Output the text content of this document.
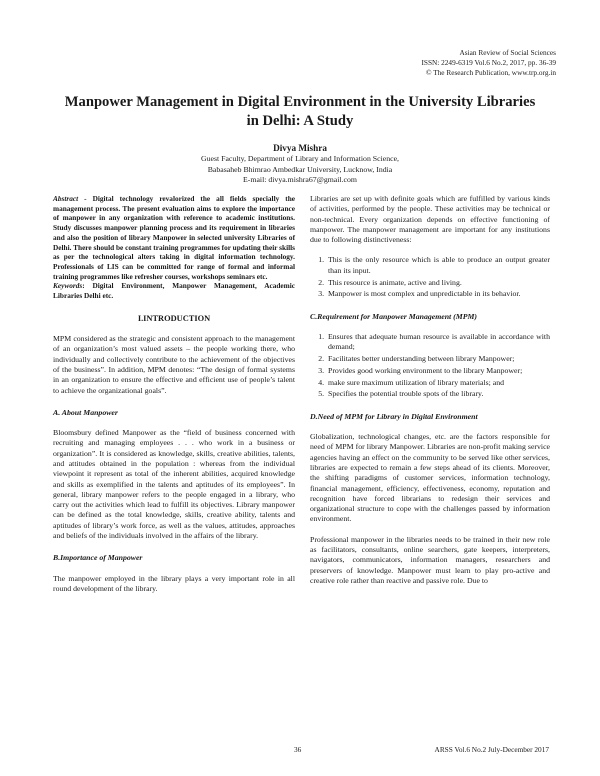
Asian Review of Social Sciences
ISSN: 2249-6319 Vol.6 No.2, 2017, pp. 36-39
© The Research Publication, www.trp.org.in
Manpower Management in Digital Environment in the University Libraries in Delhi: A Study
Divya Mishra
Guest Faculty, Department of Library and Information Science,
Babasaheb Bhimrao Ambedkar University, Lucknow, India
E-mail: divya.mishra67@gmail.com

Abstract - Digital technology revalorized the all fields specially the management process. The present evaluation aims to explore the importance of manpower in any organization with reference to academic institutions. Study discusses manpower planning process and its requirement in libraries and also the position of library Manpower in selected university Libraries of Delhi. There should be constant training programmes for updating their skills as per the technological alters taking in digital information technology. Professionals of LIS can be committed for range of formal and informal training programmes like refresher courses, workshops seminars etc.
Keywords: Digital Environment, Manpower Management, Academic Libraries Delhi etc.

I.INTRODUCTION

MPM considered as the strategic and consistent approach to the management of an organization’s most valued assets – the people working there, who individually and collectively contribute to the achievement of the objectives of the business”. In addition, MPM denotes: “The design of formal systems in an organization to ensure the effective and efficient use of people’s talent to achieve the organizational goals”.

A. About Manpower

Bloomsbury defined Manpower as the “field of business concerned with recruiting and managing employees . . . who work in a business or organization”. It is considered as knowledge, skills, creative abilities, talents, and attitudes obtained in the population : whereas from the individual viewpoint it represent as total of the inherent abilities, acquired knowledge and skills as exemplified in the talents and aptitudes of its employees”. In general, library manpower refers to the people engaged in a library, who carry out the activities which lead to fulfill its objectives. Library manpower can be defined as the total knowledge, skills, creative ability, talents and aptitudes of library’s work force, as well as the values, attitudes, approaches and beliefs of the individuals involved in the affairs of the library.

B.Importance of Manpower

The manpower employed in the library plays a very important role in all round development of the library.

Libraries are set up with definite goals which are fulfilled by various kinds of activities, performed by the people. These activities may be technical or non-technical. Every organization depends on effective functioning of manpower. The manpower management are important for any institutions due to following distinctiveness:

1. This is the only resource which is able to produce an output greater than its input.
2. This resource is animate, active and living.
3. Manpower is most complex and unpredictable in its behavior.
C.Requirement for Manpower Management (MPM)
1. Ensures that adequate human resource is available in accordance with demand;
2. Facilitates better understanding between library Manpower;
3. Provides good working environment to the library Manpower;
4. make sure maximum utilization of library materials; and
5. Specifies the potential trouble spots of the library.
D.Need of MPM for Library in Digital Environment

Globalization, technological changes, etc. are the factors responsible for need of MPM for library Manpower. Libraries are non-profit making service agencies having an effect on the community to be served like other services, libraries are expected to remain a few steps ahead of its clients. Moreover, the shifting paradigms of customer services, information technology, financial management, efficiency, effectiveness, economy, reputation and recognition have forced librarians to redesign their services and organizational structure to cope with the challenges passed by information environment.

Professional manpower in the libraries needs to be trained in their new role as facilitators, consultants, online searchers, gate keepers, interpreters, navigators, communicators, information managers, researchers and preservers of knowledge. Manpower must learn to play pro-active and creative role rather than reactive and passive role. Due to

36	ARSS Vol.6 No.2 July-December 2017
